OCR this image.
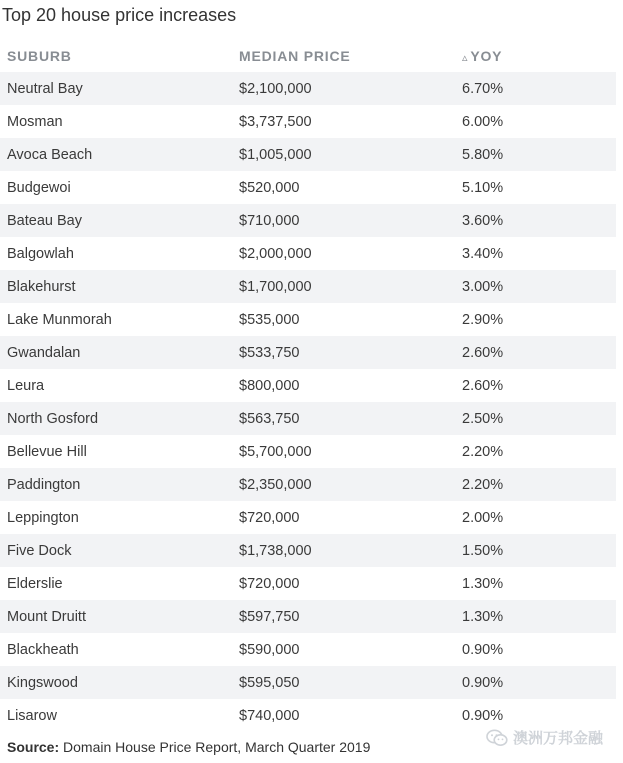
Top 20 house price increases
SUBURB	MEDIAN PRICE	▵ YOY
Neutral Bay	$2,100,000	6.70%
Mosman	$3,737,500	6.00%
Avoca Beach	$1,005,000	5.80%
Budgewoi	$520,000	5.10%
Bateau Bay	$710,000	3.60%
Balgowlah	$2,000,000	3.40%
Blakehurst	$1,700,000	3.00%
Lake Munmorah	$535,000	2.90%
Gwandalan	$533,750	2.60%
Leura	$800,000	2.60%
North Gosford	$563,750	2.50%
Bellevue Hill	$5,700,000	2.20%
Paddington	$2,350,000	2.20%
Leppington	$720,000	2.00%
Five Dock	$1,738,000	1.50%
Elderslie	$720,000	1.30%
Mount Druitt	$597,750	1.30%
Blackheath	$590,000	0.90%
Kingswood	$595,050	0.90%
Lisarow	$740,000	0.90%
Source: Domain House Price Report, March Quarter 2019	澳洲万邦金融
